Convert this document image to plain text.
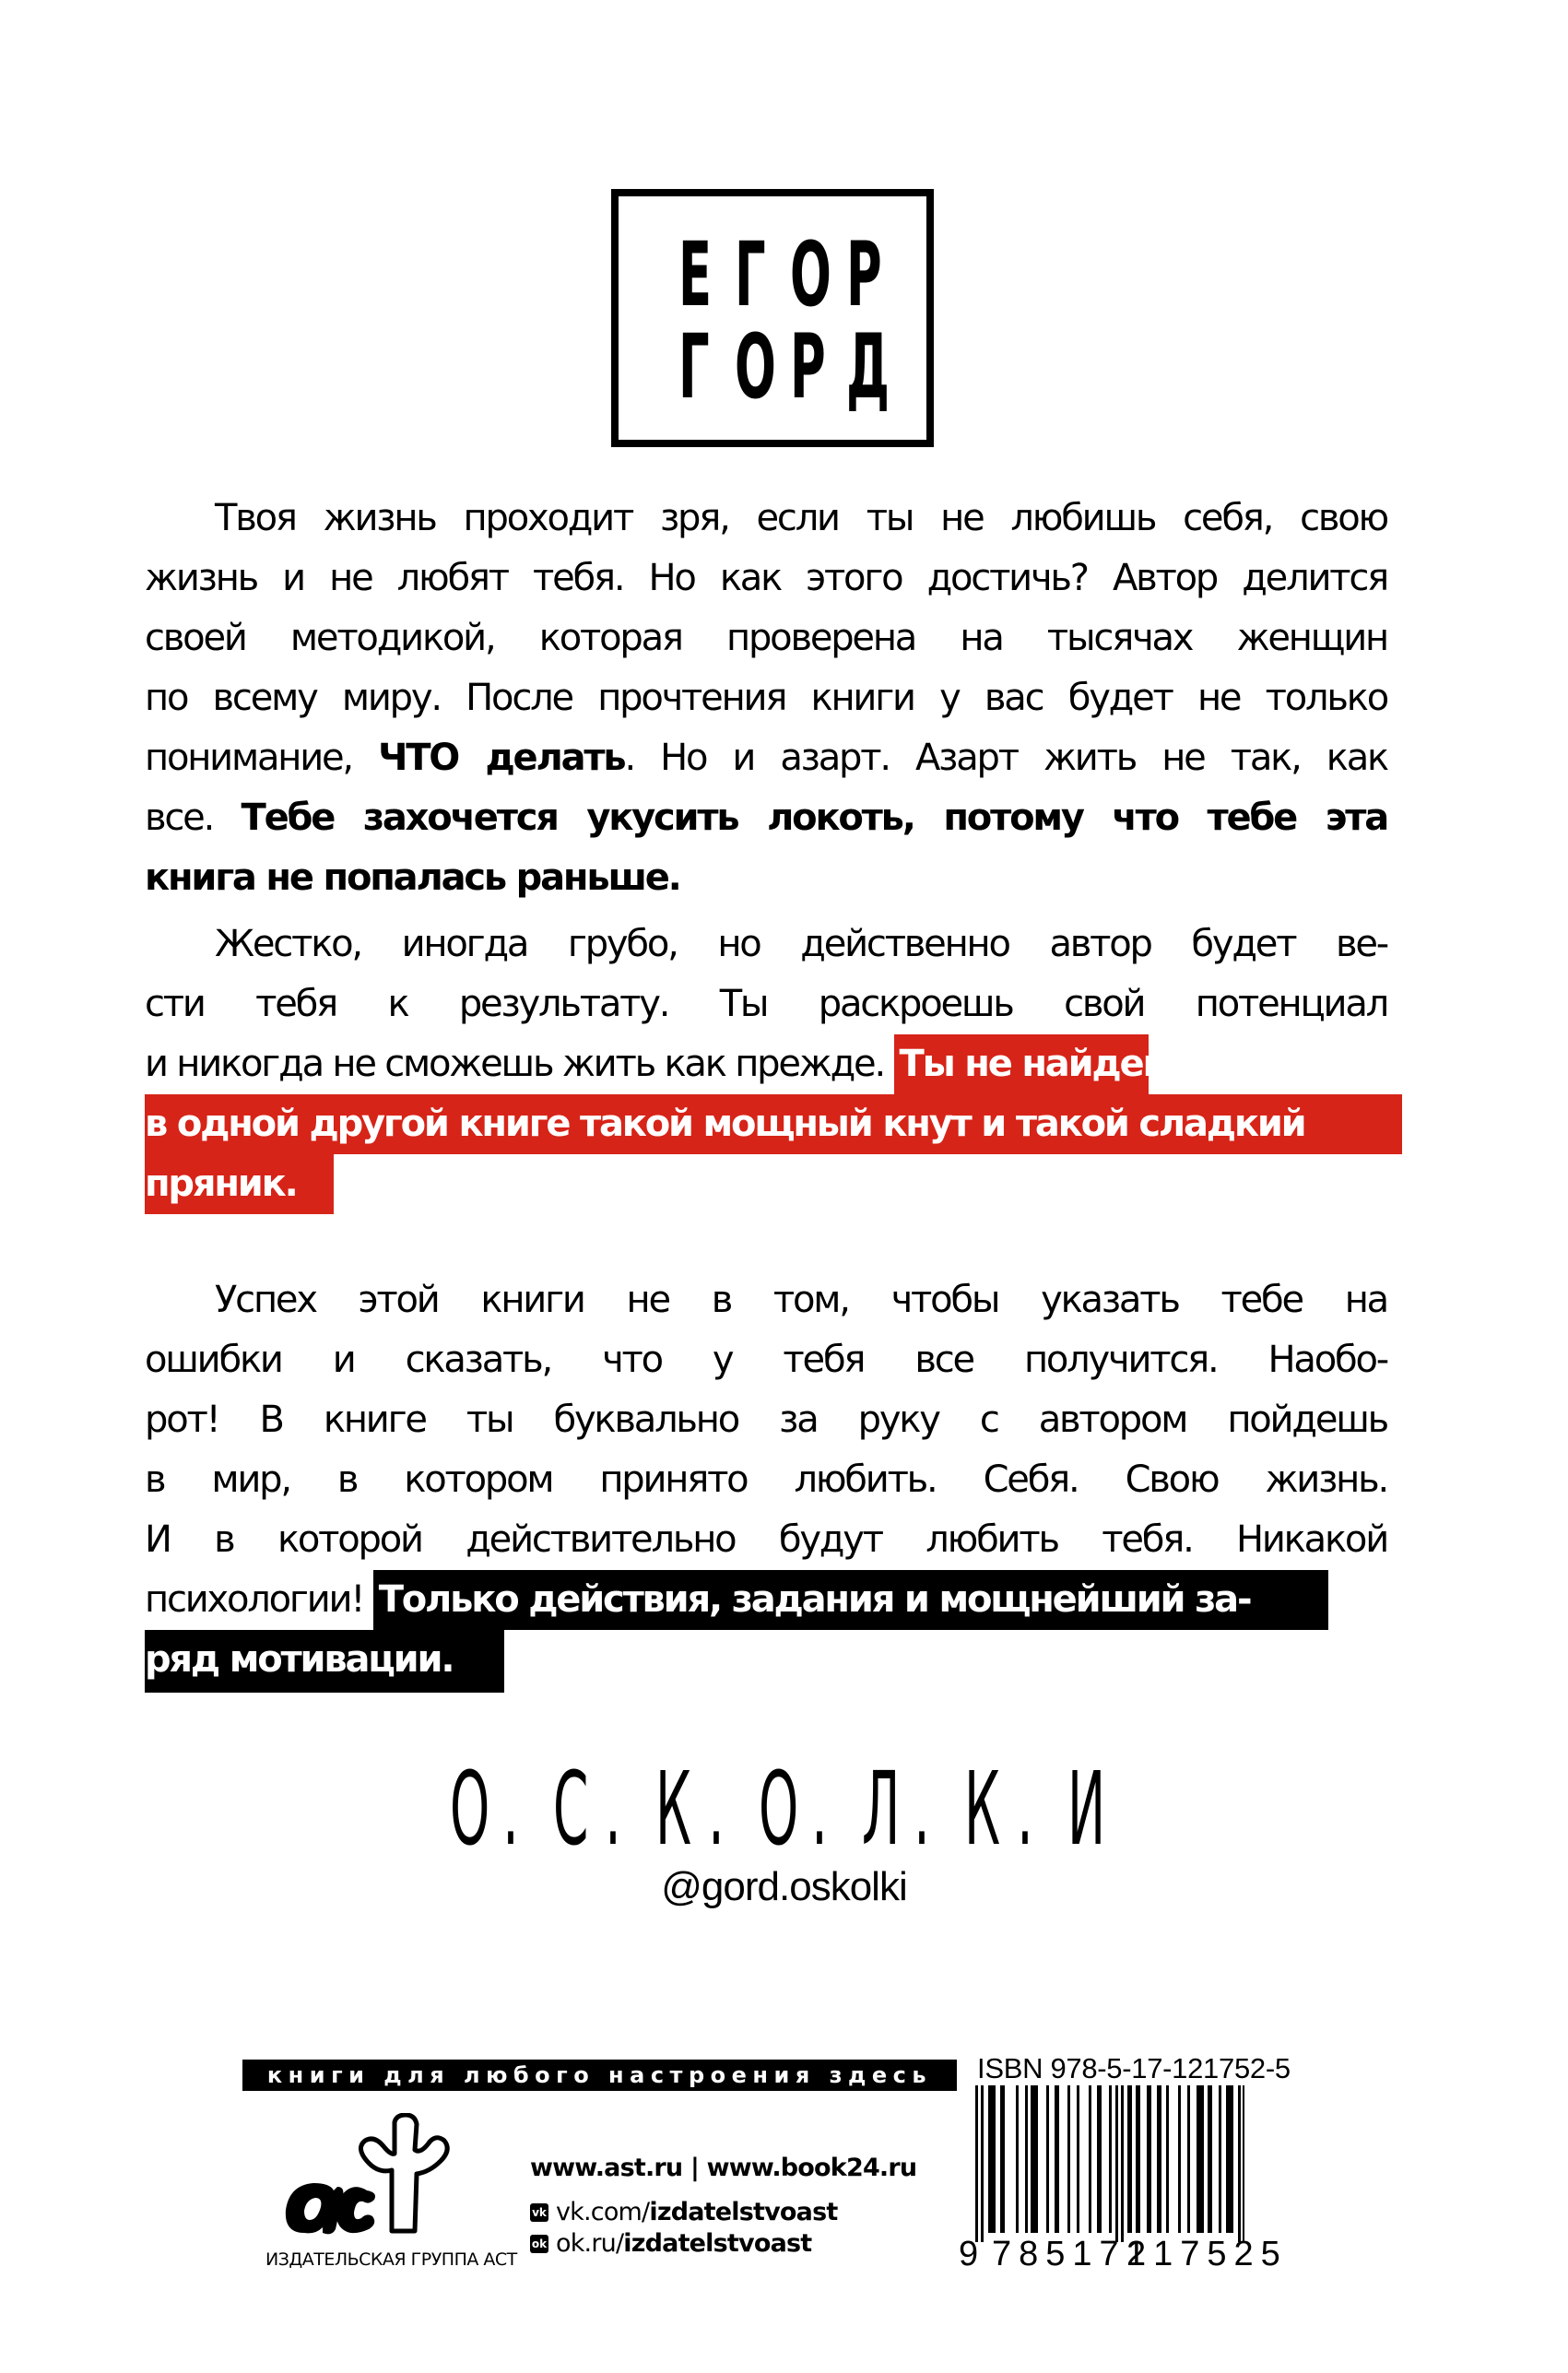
Е Г О Р
Г О Р Д
Твоя жизнь проходит зря, если ты не любишь себя, свою
жизнь и не любят тебя. Но как этого достичь? Автор делится
своей методикой, которая проверена на тысячах женщин
по всему миру. После прочтения книги у вас будет не только
понимание, ЧТО делать. Но и азарт. Азарт жить не так, как
все. Тебе захочется укусить локоть, потому что тебе эта
книга не попалась раньше.
Жестко, иногда грубо, но действенно автор будет ве-
сти тебя к результату. Ты раскроешь свой потенциал
и никогда не сможешь жить как прежде. Ты не найдешь ни
в одной другой книге такой мощный кнут и такой сладкий
пряник.
Успех этой книги не в том, чтобы указать тебе на
ошибки и сказать, что у тебя все получится. Наобо-
рот! В книге ты буквально за руку с автором пойдешь
в мир, в котором принято любить. Себя. Свою жизнь.
И в которой действительно будут любить тебя. Никакой
психологии! Только действия, задания и мощнейший за-
ряд мотивации.
О . С . К . О . Л . К . И
@gord.oskolki
книги для любого настроения здесь
ИЗДАТЕЛЬСКАЯ ГРУППА АСТ
www.ast.ru | www.book24.ru
vk vk.com/ izdatelstvoast
ok ok.ru/ izdatelstvoast
ISBN 978-5-17-121752-5
9 785171
217525
